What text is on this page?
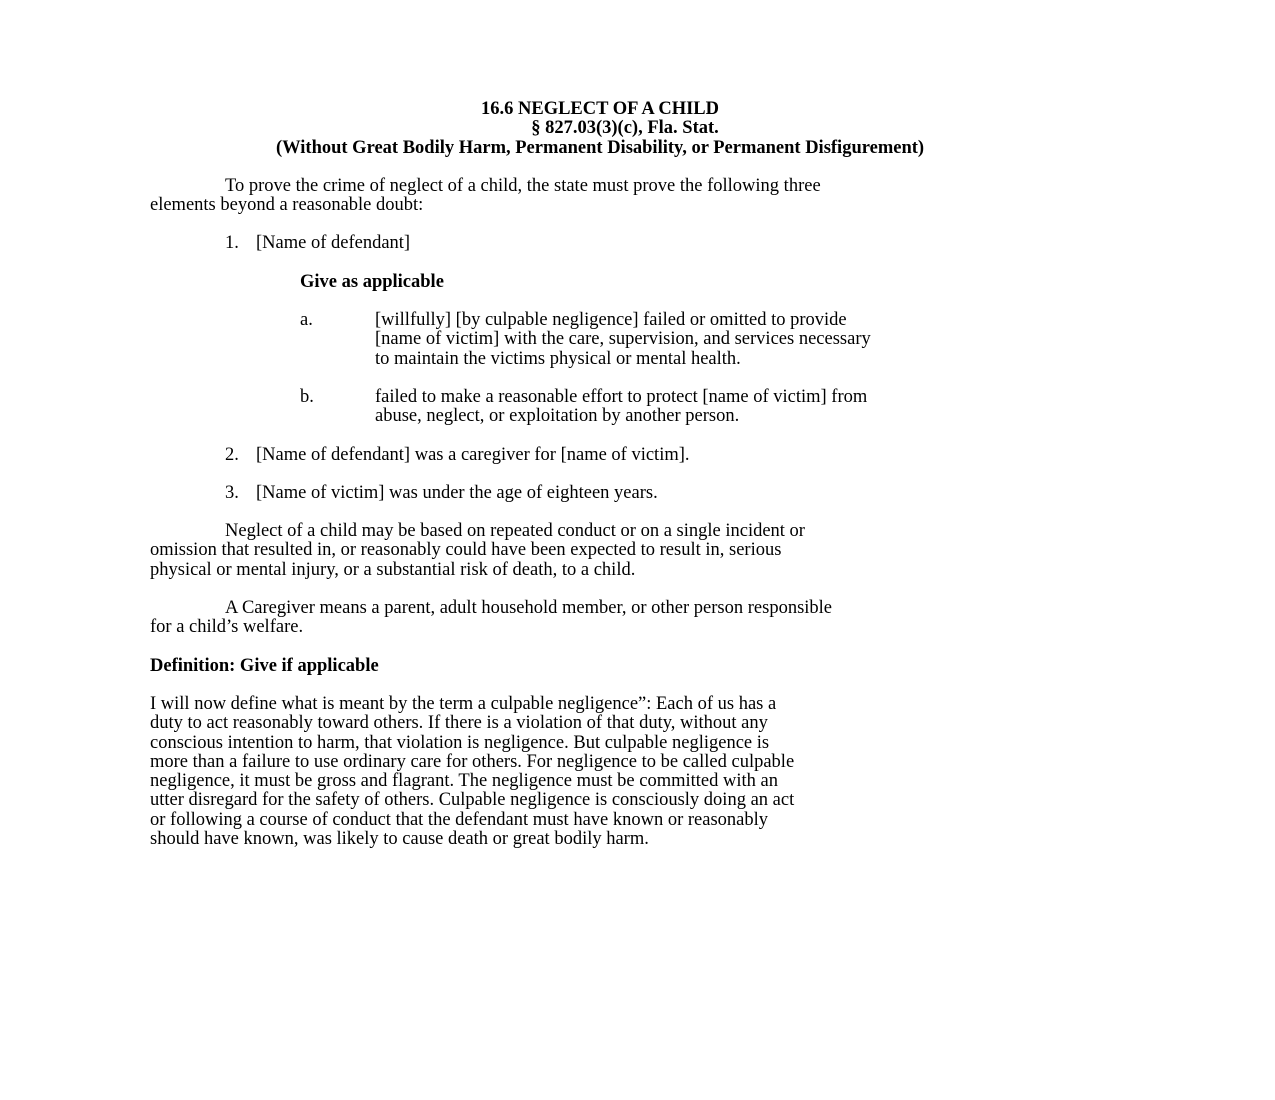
16.6 NEGLECT OF A CHILD
§ 827.03(3)(c), Fla. Stat.
(Without Great Bodily Harm, Permanent Disability, or Permanent Disfigurement)
To prove the crime of neglect of a child, the state must prove the following three
elements beyond a reasonable doubt:
1. [Name of defendant]
Give as applicable
a.	[willfully] [by culpable negligence] failed or omitted to provide
[name of victim] with the care, supervision, and services necessary
to maintain the victims physical or mental health.
b.	failed to make a reasonable effort to protect [name of victim] from
abuse, neglect, or exploitation by another person.
2. [Name of defendant] was a caregiver for [name of victim].
3. [Name of victim] was under the age of eighteen years.
Neglect of a child may be based on repeated conduct or on a single incident or
omission that resulted in, or reasonably could have been expected to result in, serious
physical or mental injury, or a substantial risk of death, to a child.
A Caregiver means a parent, adult household member, or other person responsible
for a child’s welfare.
Definition: Give if applicable
I will now define what is meant by the term a culpable negligence”: Each of us has a
duty to act reasonably toward others. If there is a violation of that duty, without any
conscious intention to harm, that violation is negligence. But culpable negligence is
more than a failure to use ordinary care for others. For negligence to be called culpable
negligence, it must be gross and flagrant. The negligence must be committed with an
utter disregard for the safety of others. Culpable negligence is consciously doing an act
or following a course of conduct that the defendant must have known or reasonably
should have known, was likely to cause death or great bodily harm.
